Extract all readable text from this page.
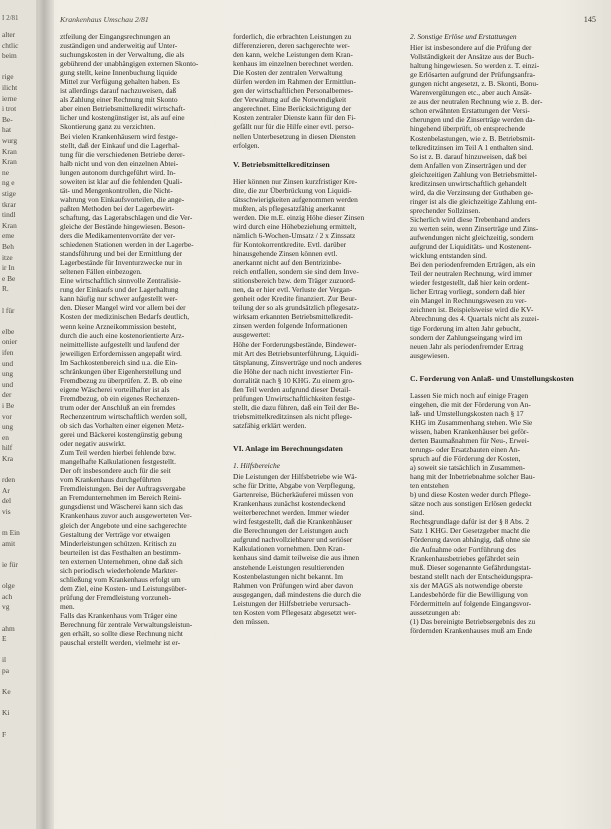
I 2/81
alter
chtlic
beim
rige
ilicht
ierne
i trot
Be-
hat
wurg
Kran
Kran
ne
ng e
stige
tkrar
tindl
Kran
eme
Beh
itze
ir In
e Be
R.
l für
elbe
onier
ifen
und
ung
und
der
i Be
vor
ung
en
hilf
Kra
rden
Ar
del
vis
m Ein
amit
ie für
olge
ach
vg
ahm
E
il
pa
Ke
Ki
F
Krankenhaus Umschau 2/81	145
ztfeilung der Eingangsrechnungen an
zuständigen und anderweitig auf Unter-
suchungskosten in der Verwaltung, die als
gebührend der unabhängigen externen Skonto-
gung stellt, keine Innenbuchung liquide
Mittel zur Verfügung gehalten haben. Es
ist allerdings darauf nachzuweisen, daß
als Zahlung einer Rechnung mit Skonto
aber einen Betriebsmittelkredit wirtschaft-
licher und kostengünstiger ist, als auf eine
Skontierung ganz zu verzichten.
Bei vielen Krankenhäusern wird festge-
stellt, daß der Einkauf und die Lagerhal-
tung für die verschiedenen Betriebe derer-
halb nicht und von den einzelnen Abtei-
lungen autonom durchgeführt wird. In-
soweiten ist klar auf die fehlenden Quali-
tät- und Mengenkontrollen, die Nicht-
wahrung von Einkaufsvorteilen, die ange-
paßten Methoden bei der Lagerbewirt-
schaftung, das Lagerabschlagen und die Ver-
gleiche der Bestände hingewiesen. Beson-
ders die Medikamentenvorräte der ver-
schiedenen Stationen werden in der Lagerbe-
standsführung und bei der Ermittlung der
Lagerbestände für Inventurzwecke nur in
seltenen Fällen einbezogen.
Eine wirtschaftlich sinnvolle Zentralisie-
rung der Einkaufs und der Lagerhaltung
kann häufig nur schwer aufgestellt wer-
den. Dieser Mangel wird vor allem bei der
Kosten der medizinischen Bedarfs deutlich,
wenn keine Arzneikommission besteht,
durch die auch eine kostenorientierte Arz-
neimittelliste aufgestellt und laufend der
jeweiligen Erfordernissen angepaßt wird.
Im Sachkostenbereich sind u.a. die Ein-
schränkungen über Eigenherstellung und
Fremdbezug zu überprüfen. Z. B. ob eine
eigene Wäscherei vorteilhafter ist als
Fremdbezug, ob ein eigenes Rechenzen-
trum oder der Anschluß an ein fremdes
Rechenzentrum wirtschaftlich werden soll,
ob sich das Vorhalten einer eigenen Metz-
gerei und Bäckerei kostengünstig gebung
oder negativ auswirkt.
Zum Teil werden hierbei fehlende bzw.
mangelhafte Kalkulationen festgestellt.
Der oft insbesondere auch für die seit
vom Krankenhaus durchgeführten
Fremdleistungen. Bei der Auftragsvergabe
an Fremdunternehmen im Bereich Reini-
gungsdienst und Wäscherei kann sich das
Krankenhaus zuvor auch ausgewerteten Ver-
gleich der Angebote und eine sachgerechte
Gestaltung der Verträge vor etwaigen
Minderleistungen schützen. Kritisch zu
beurteilen ist das Festhalten an bestimm-
ten externen Unternehmen, ohne daß sich
sich periodisch wiederholende Markter-
schließung vom Krankenhaus erfolgt um
dem Ziel, eine Kosten- und Leistungsüber-
prüfung der Fremdleistung vorzuneh-
men.
Falls das Krankenhaus vom Träger eine
Berechnung für zentrale Verwaltungsleistun-
gen erhält, so sollte diese Rechnung nicht
pauschal erstellt werden, vielmehr ist er-
forderlich, die erbrachten Leistungen zu
differenzieren, deren sachgerechte wer-
den kann, welche Leistungen dem Kran-
kenhaus im einzelnen berechnet werden.
Die Kosten der zentralen Verwaltung
dürfen werden im Rahmen der Ermittlun-
gen der wirtschaftlichen Personalbemes-
der Verwaltung auf die Notwendigkeit
angerechnet. Eine Berücksichtigung der
Kosten zentraler Dienste kann für den Fi-
gefällt nur für die Hilfe einer evtl. perso-
nellen Unterbesetzung in diesen Diensten
erfolgen.
V. Betriebsmittelkreditzinsen
Hier können nur Zinsen kurzfristiger Kre-
dite, die zur Überbrückung von Liquidi-
tätsschwierigkeiten aufgenommen werden
mußten, als pflegesatzfähig anerkannt
werden. Die m.E. einzig Höhe dieser Zinsen
wird durch eine Höhebeziehung ermittelt,
nämlich 6-Wochen-Umsatz / 2 x Zinssatz
für Kontokorrentkredite. Evtl. darüber
hinausgehende Zinsen können evtl.
anerkannt nicht auf den Bentrizinbe-
reich entfallen, sondern sie sind dem Inve-
stitionsbereich bzw. dem Träger zuzuord-
nen, da er hier evtl. Verluste der Vergan-
genheit oder Kredite finanziert. Zur Beur-
teilung der so als grundsätzlich pflegesatz-
wirksam erkannten Betriebsmittelkredit-
zinsen werden folgende Informationen
ausgewertet:
Höhe der Forderungsbestände, Bindewer-
mit Art des Betriebsunterführung, Liquidi-
tätsplanung, Zinsverträge und noch anderes
die Höhe der nach nicht investierter Fin-
dorralität nach § 10 KHG. Zu einem gro-
ßen Teil werden aufgrund dieser Detail-
prüfungen Unwirtschaftlichkeiten festge-
stellt, die dazu führen, daß ein Teil der Be-
triebsmittelkreditzinsen als nicht pflege-
satzfähig erklärt werden.
VI. Anlage im Berechnungsdaten
1. Hilfsbereiche
Die Leistungen der Hilfsbetriebe wie Wä-
sche für Dritte, Abgabe von Verpflegung,
Gartenreise, Bücherkäuferei müssen von
Krankenhaus zunächst kostendeckend
weiterberechnet werden. Immer wieder
wird festgestellt, daß die Krankenhäuser
die Berechnungen der Leistungen auch
aufgrund nachvollziehbarer und seriöser
Kalkulationen vornehmen. Den Kran-
kenhaus sind damit teilweise die aus ihnen
anstehende Leistungen resultierenden
Kostenbelastungen nicht bekannt. Im
Rahmen von Prüfungen wird aber davon
ausgegangen, daß mindestens die durch die
Leistungen der Hilfsbetriebe verursach-
ten Kosten vom Pflegesatz abgesetzt wer-
den müssen.
2. Sonstige Erlöse und Erstattungen
Hier ist insbesondere auf die Prüfung der
Vollständigkeit der Ansätze aus der Buch-
haltung hingewiesen. So werden z. T. einzi-
ge Erlösarten aufgrund der Prüfungsanfra-
gungen nicht angesetzt, z. B. Skonti, Bonu-
Warenvergütungen etc., aber auch Ansät-
ze aus der neutralen Rechnung wie z. B. der-
schon erwähnten Erstattungen der Versi-
cherungen und die Zinserträge werden da-
hingehend überprüft, ob entsprechende
Kostenbelastungen, wie z. B. Betriebsmit-
telkreditzinsen im Teil A 1 enthalten sind.
So ist z. B. darauf hinzuweisen, daß bei
dem Anfallen von Zinserträgen und der
gleichzeitigen Zahlung von Betriebsmittel-
kreditzinsen unwirtschaftlich gehandelt
wird, da die Verzinsung der Guthaben ge-
ringer ist als die gleichzeitige Zahlung ent-
sprechender Sollzinsen.
Sicherlich wird diese Trebenband anders
zu werten sein, wenn Zinserträge und Zins-
aufwendungen nicht gleichzeitig, sondern
aufgrund der Liquiditäts- und Kostenent-
wicklung entstanden sind.
Bei den periodenfremden Erträgen, als ein
Teil der neutralen Rechnung, wird immer
wieder festgestellt, daß hier kein ordent-
licher Ertrag vorliegt, sondern daß hier
ein Mangel in Rechnungswesen zu ver-
zeichnen ist. Beispielsweise wird die KV-
Abrechnung des 4. Quartals nicht als zuzei-
tige Forderung im alten Jahr gebucht,
sondern der Zahlungseingang wird im
neuen Jahr als periodenfremder Ertrag
ausgewiesen.
C. Forderung von Anlaß- und Umstellungskosten
Lassen Sie mich noch auf einige Fragen
eingehen, die mit der Förderung von An-
laß- und Umstellungskosten nach § 17
KHG im Zusammenhang stehen. Wie Sie
wissen, haben Krankenhäuser bei geför-
derten Baumaßnahmen für Neu-, Erwei-
terungs- oder Ersatzbauten einen An-
spruch auf die Förderung der Kosten,
a) soweit sie tatsächlich in Zusammen-
hang mit der Inbetriebnahme solcher Bau-
ten entstehen
b) und diese Kosten weder durch Pflege-
sätze noch aus sonstigen Erlösen gedeckt
sind.
Rechtsgrundlage dafür ist der § 8 Abs. 2
Satz 1 KHG. Der Gesetzgeber macht die
Förderung davon abhängig, daß ohne sie
die Aufnahme oder Fortführung des
Krankenhausbetriebes gefährdet sein
muß. Dieser sogenannte Gefährdungstat-
bestand stellt nach der Entscheidungspra-
xis der MAGS als notwendige oberste
Landesbehörde für die Bewilligung von
Fördermitteln auf folgende Eingangsvor-
aussetzungen ab:
(1) Das bereinigte Betriebsergebnis des zu
fördernden Krankenhauses muß am Ende
